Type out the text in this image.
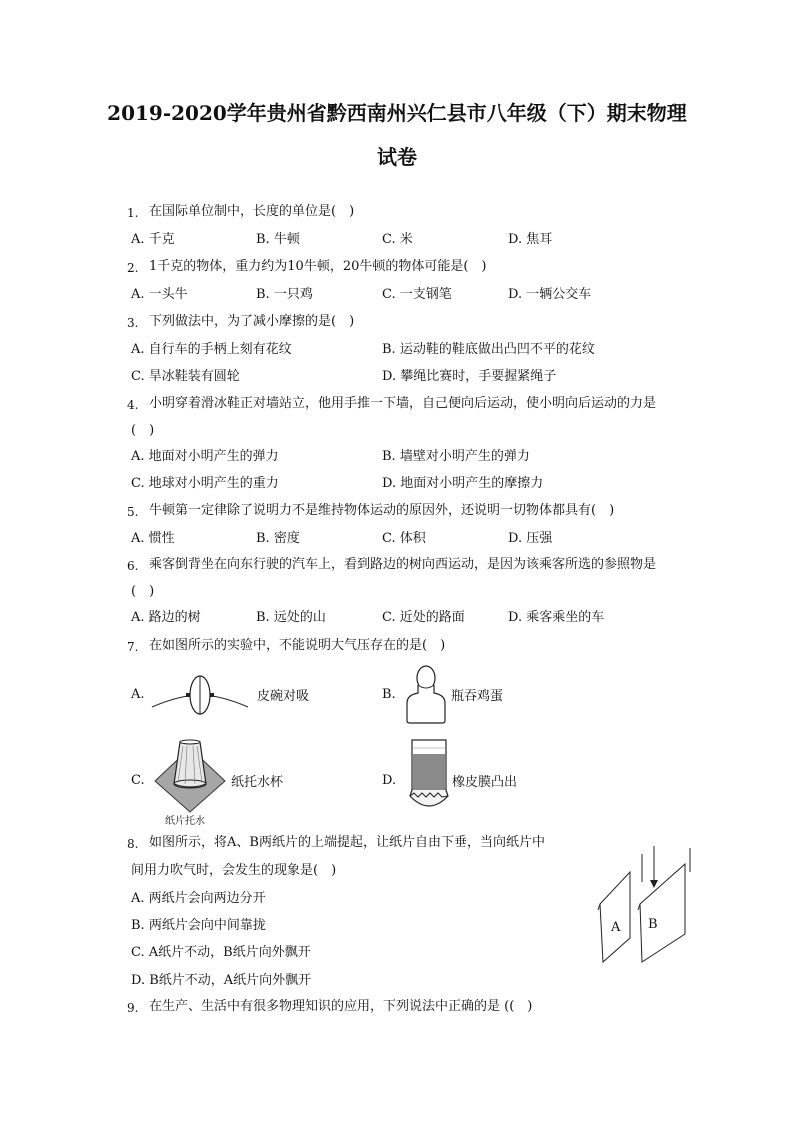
2019-2020学年贵州省黔西南州兴仁县市八年级（下）期末物理
试卷
1. 在国际单位制中，长度的单位是(　)
A. 千克	B. 牛顿	C. 米	D. 焦耳
2. 1千克的物体，重力约为10牛顿，20牛顿的物体可能是(　)
A. 一头牛	B. 一只鸡	C. 一支钢笔	D. 一辆公交车
3. 下列做法中，为了减小摩擦的是(　)
A. 自行车的手柄上刻有花纹	B. 运动鞋的鞋底做出凸凹不平的花纹
C. 旱冰鞋装有圆轮	D. 攀绳比赛时，手要握紧绳子
4. 小明穿着滑冰鞋正对墙站立，他用手推一下墙，自己便向后运动，使小明向后运动的力是
(　)
A. 地面对小明产生的弹力	B. 墙壁对小明产生的弹力
C. 地球对小明产生的重力	D. 地面对小明产生的摩擦力
5. 牛顿第一定律除了说明力不是维持物体运动的原因外，还说明一切物体都具有(　)
A. 惯性	B. 密度	C. 体积	D. 压强
6. 乘客倒背坐在向东行驶的汽车上，看到路边的树向西运动，是因为该乘客所选的参照物是
(　)
A. 路边的树	B. 远处的山	C. 近处的路面	D. 乘客乘坐的车
7. 在如图所示的实验中，不能说明大气压存在的是(　)
A.	皮碗对吸	B.	瓶吞鸡蛋
C.	纸托水杯
纸片托水
D.	橡皮膜凸出
8. 如图所示，将A、B两纸片的上端提起，让纸片自由下垂，当向纸片中
间用力吹气时，会发生的现象是(　)
A. 两纸片会向两边分开
B. 两纸片会向中间靠拢
C. A纸片不动，B纸片向外飘开
D. B纸片不动，A纸片向外飘开
A B
9. 在生产、生活中有很多物理知识的应用，下列说法中正确的是 ((　)
